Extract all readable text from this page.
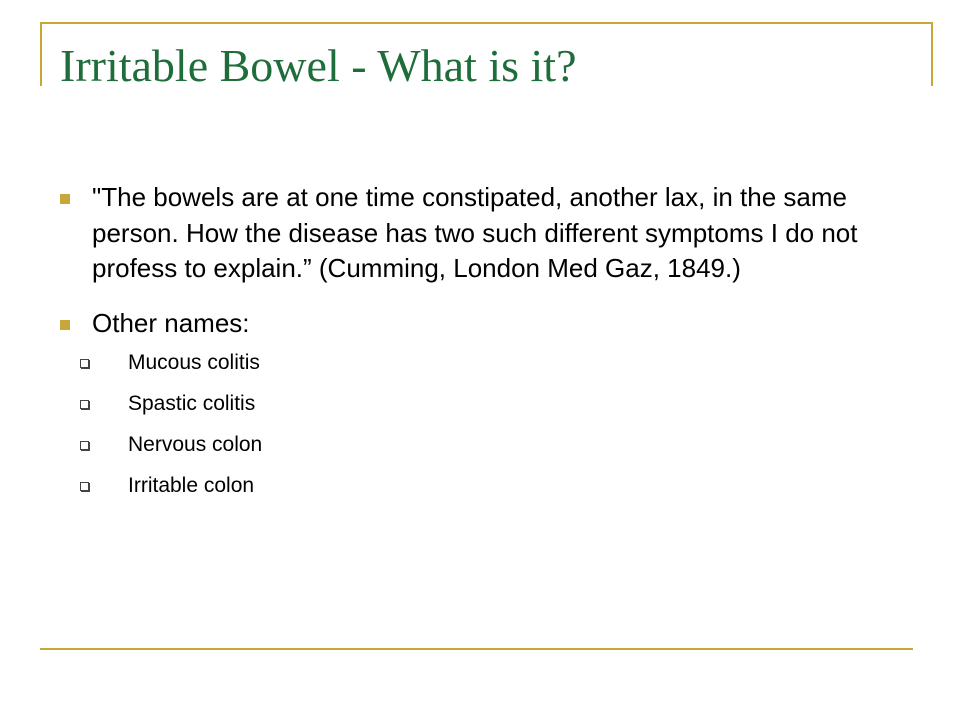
Irritable Bowel - What is it?
"The bowels are at one time constipated, another lax, in the same person. How the disease has two such different symptoms I do not profess to explain.” (Cumming, London Med Gaz, 1849.)
Other names:
Mucous colitis
Spastic colitis
Nervous colon
Irritable colon
